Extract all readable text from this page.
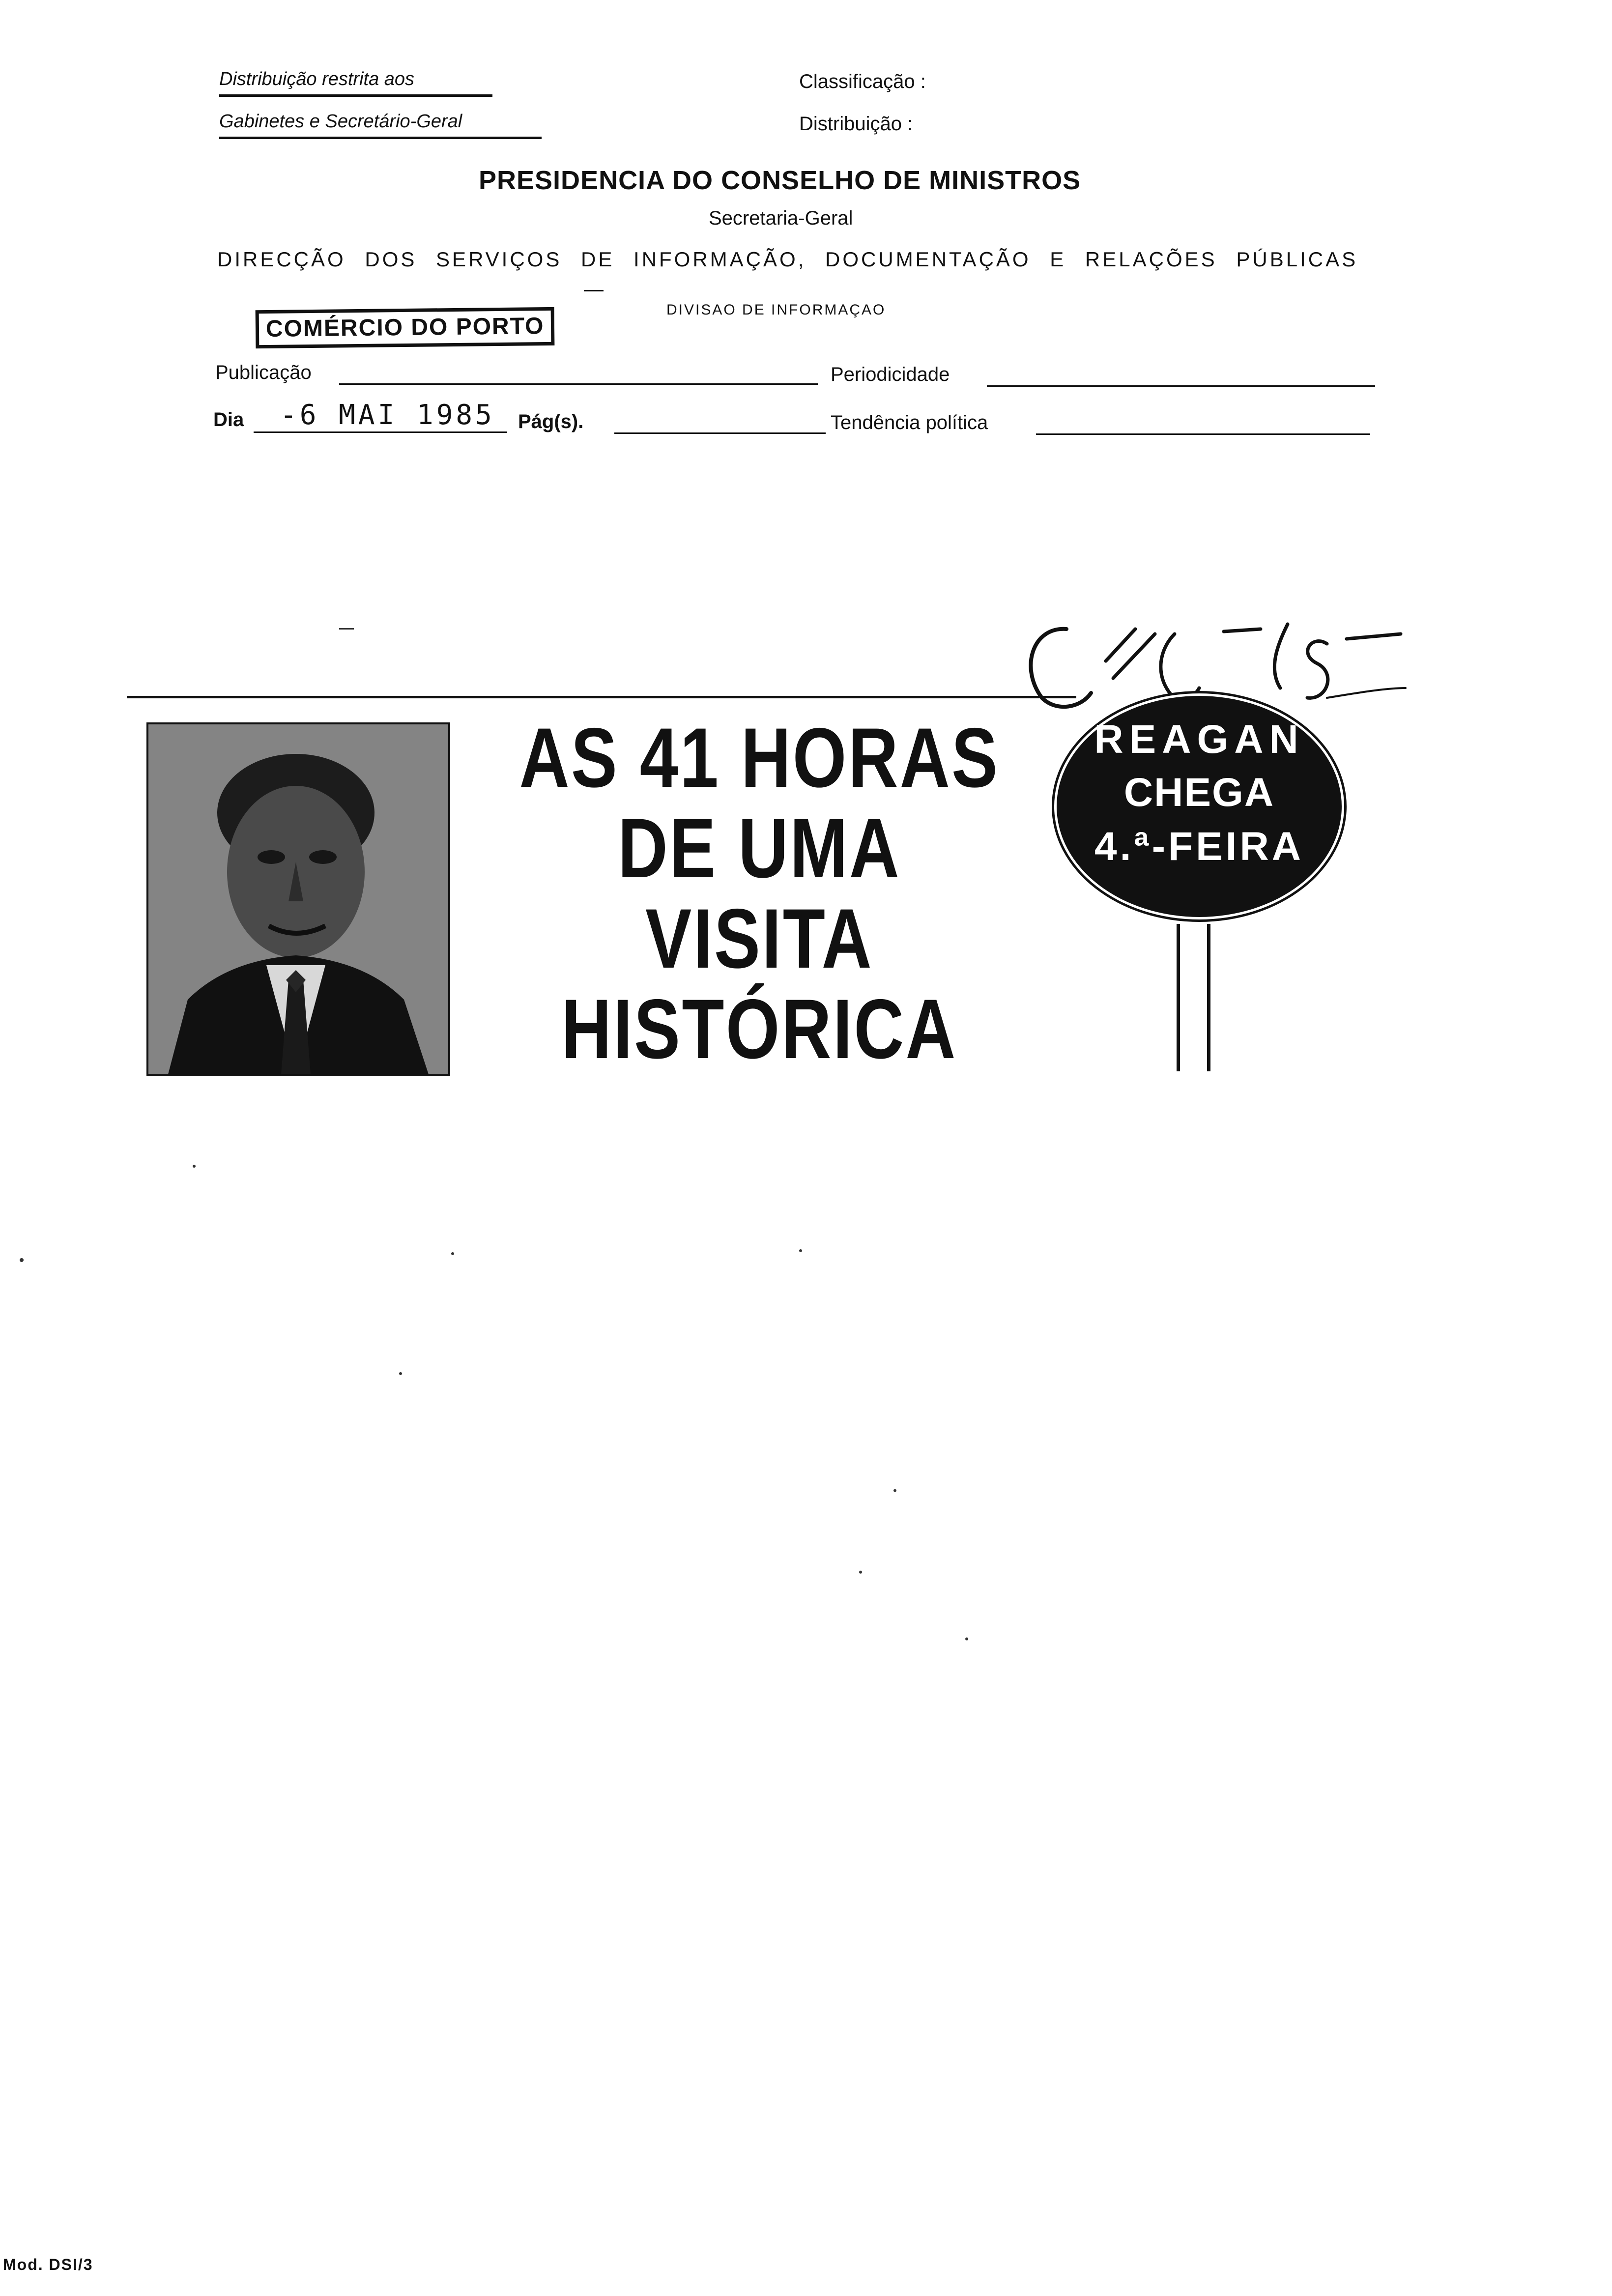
Distribuição restrita aos
Gabinetes e Secretário-Geral
Classificação :
Distribuição :
PRESIDENCIA DO CONSELHO DE MINISTROS
Secretaria-Geral
DIRECÇÃO DOS SERVIÇOS DE INFORMAÇÃO, DOCUMENTAÇÃO E RELAÇÕES PÚBLICAS
DIVISAO DE INFORMAÇAO
COMÉRCIO DO PORTO
Publicação	Periodicidade
Dia -6 MAI 1985 Pág(s).	Tendência política
C/ 5/5
AS 41 HORAS
DE UMA
VISITA
HISTÓRICA
REAGAN
CHEGA
4.ª-FEIRA
Mod. DSI/3
